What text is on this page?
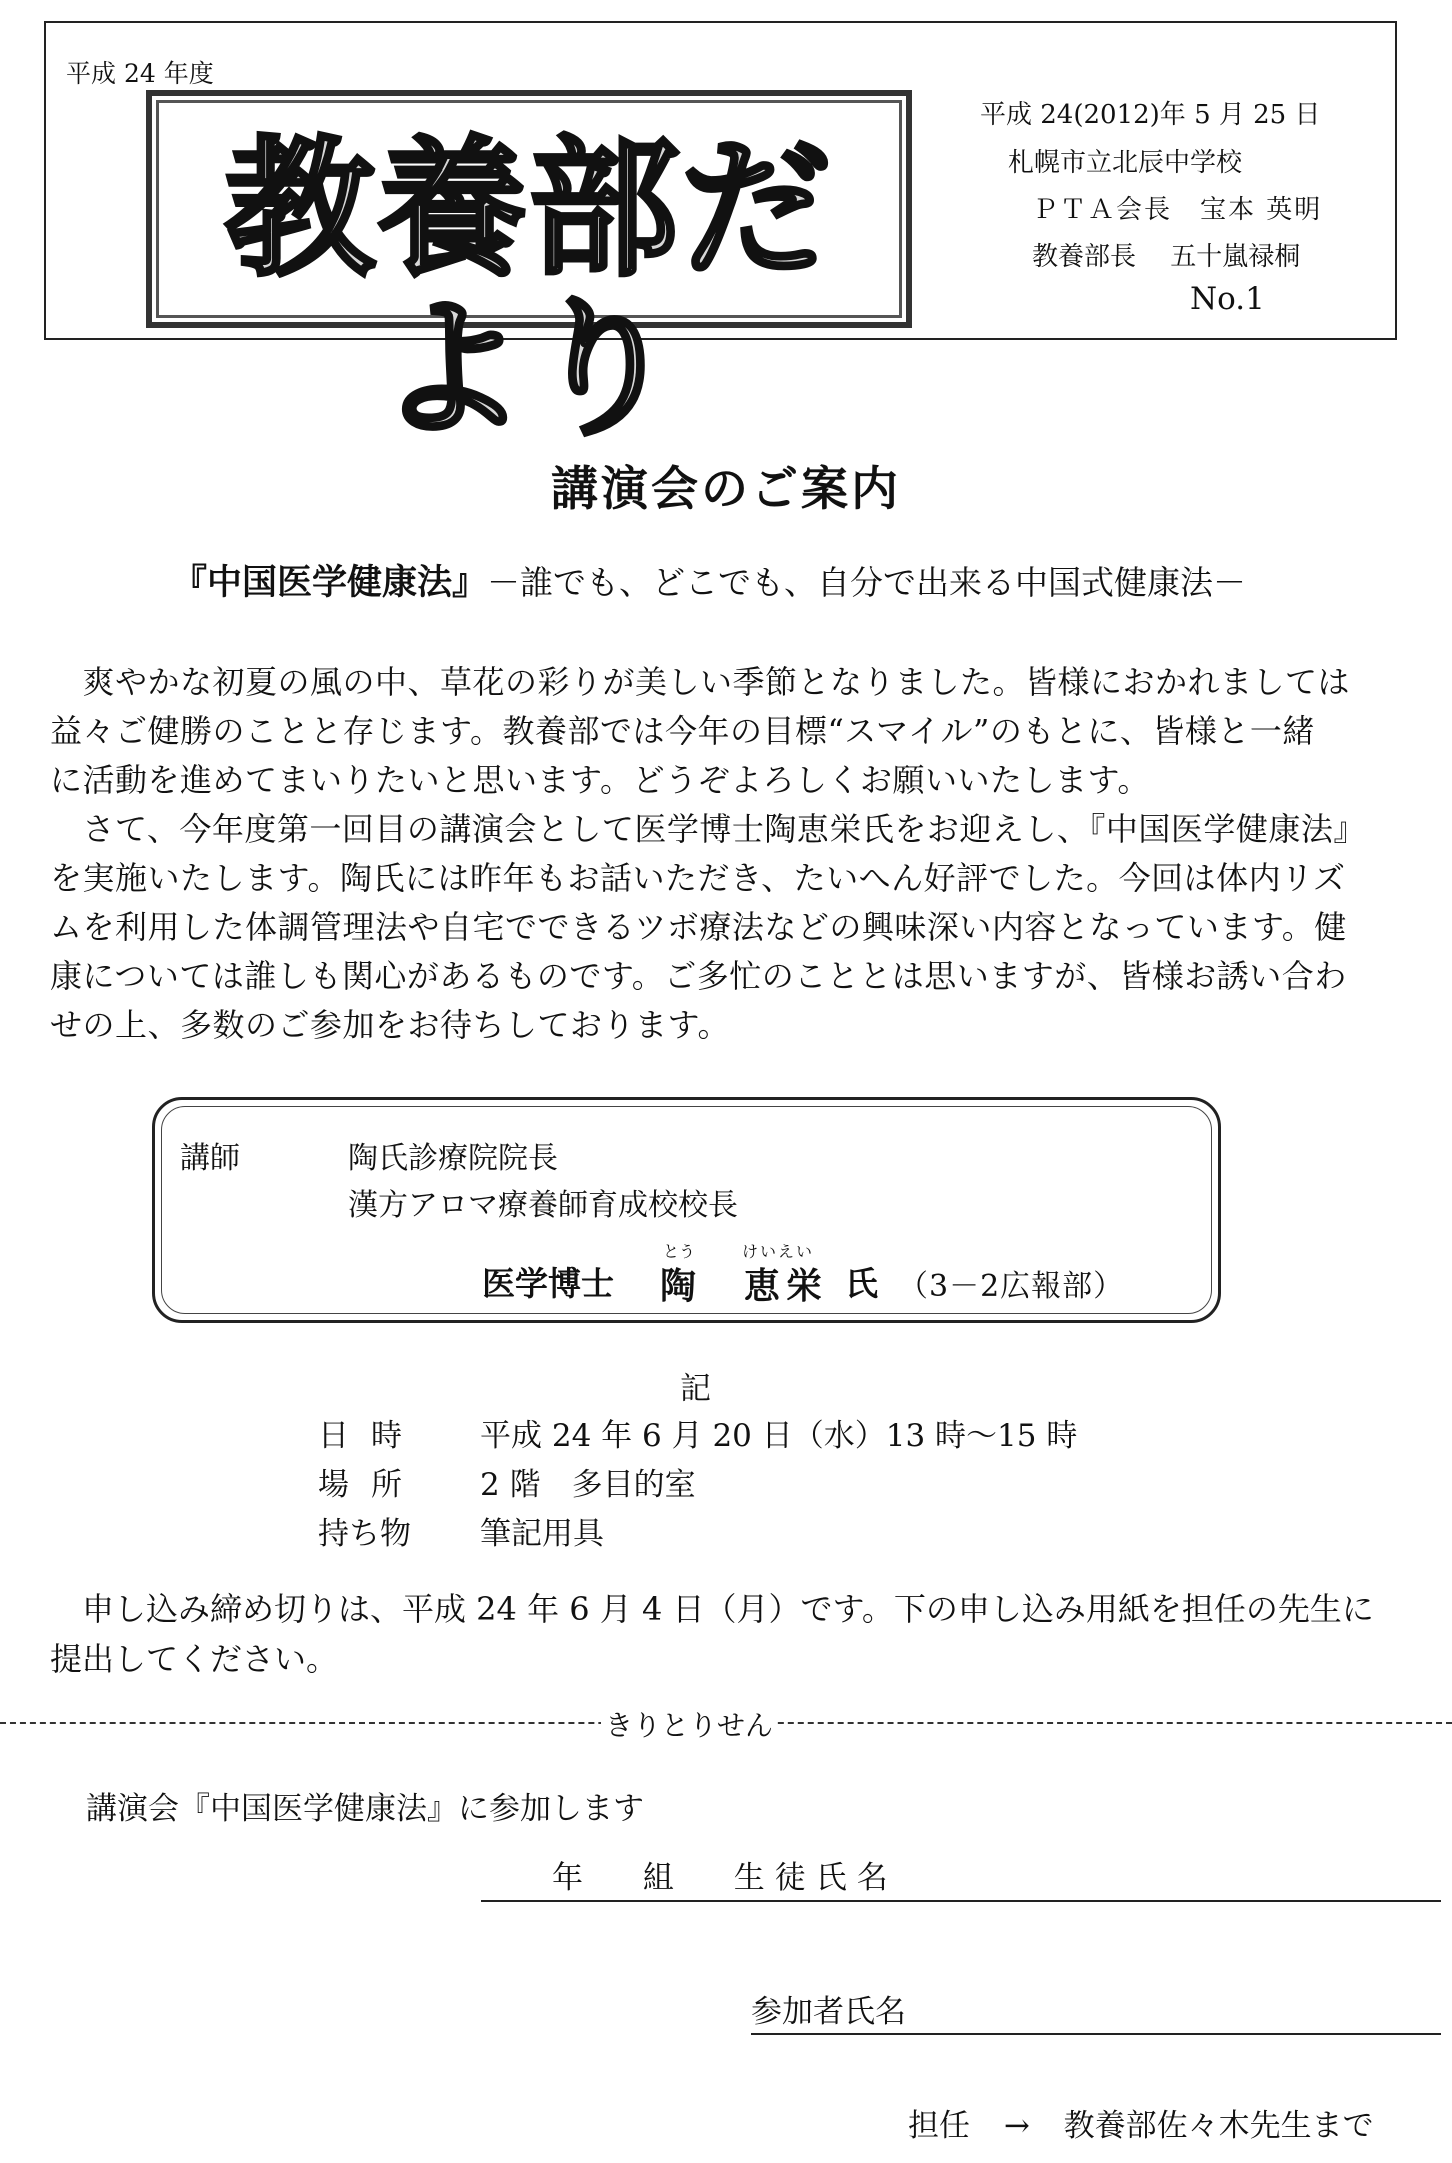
平成 24 年度
教養部だより
平成 24(2012)年 5 月 25 日
札幌市立北辰中学校
ＰＴＡ会長　宝本 英明
教養部長　 五十嵐禄桐
No.1
講演会のご案内
『中国医学健康法』－誰でも、どこでも、自分で出来る中国式健康法－
　爽やかな初夏の風の中、草花の彩りが美しい季節となりました。皆様におかれましては
益々ご健勝のことと存じます。教養部では今年の目標“スマイル”のもとに、皆様と一緒
に活動を進めてまいりたいと思います。どうぞよろしくお願いいたします。
　さて、今年度第一回目の講演会として医学博士陶恵栄氏をお迎えし、『中国医学健康法』
を実施いたします。陶氏には昨年もお話いただき、たいへん好評でした。今回は体内リズ
ムを利用した体調管理法や自宅でできるツボ療法などの興味深い内容となっています。健
康については誰しも関心があるものです。ご多忙のこととは思いますが、皆様お誘い合わ
せの上、多数のご参加をお待ちしております。
講師	陶氏診療院院長
漢方アロマ療養師育成校校長
とう	けいえい
医学博士 陶　恵栄 氏 （3－2広報部）
記
日時 平成 24 年 6 月 20 日（水）13 時～15 時
場所 2 階　多目的室
持ち物 筆記用具
　申し込み締め切りは、平成 24 年 6 月 4 日（月）です。下の申し込み用紙を担任の先生に提出してください。
きりとりせん
講演会『中国医学健康法』に参加します
年 組 生徒氏名
参加者氏名
担任 → 教養部佐々木先生まで
